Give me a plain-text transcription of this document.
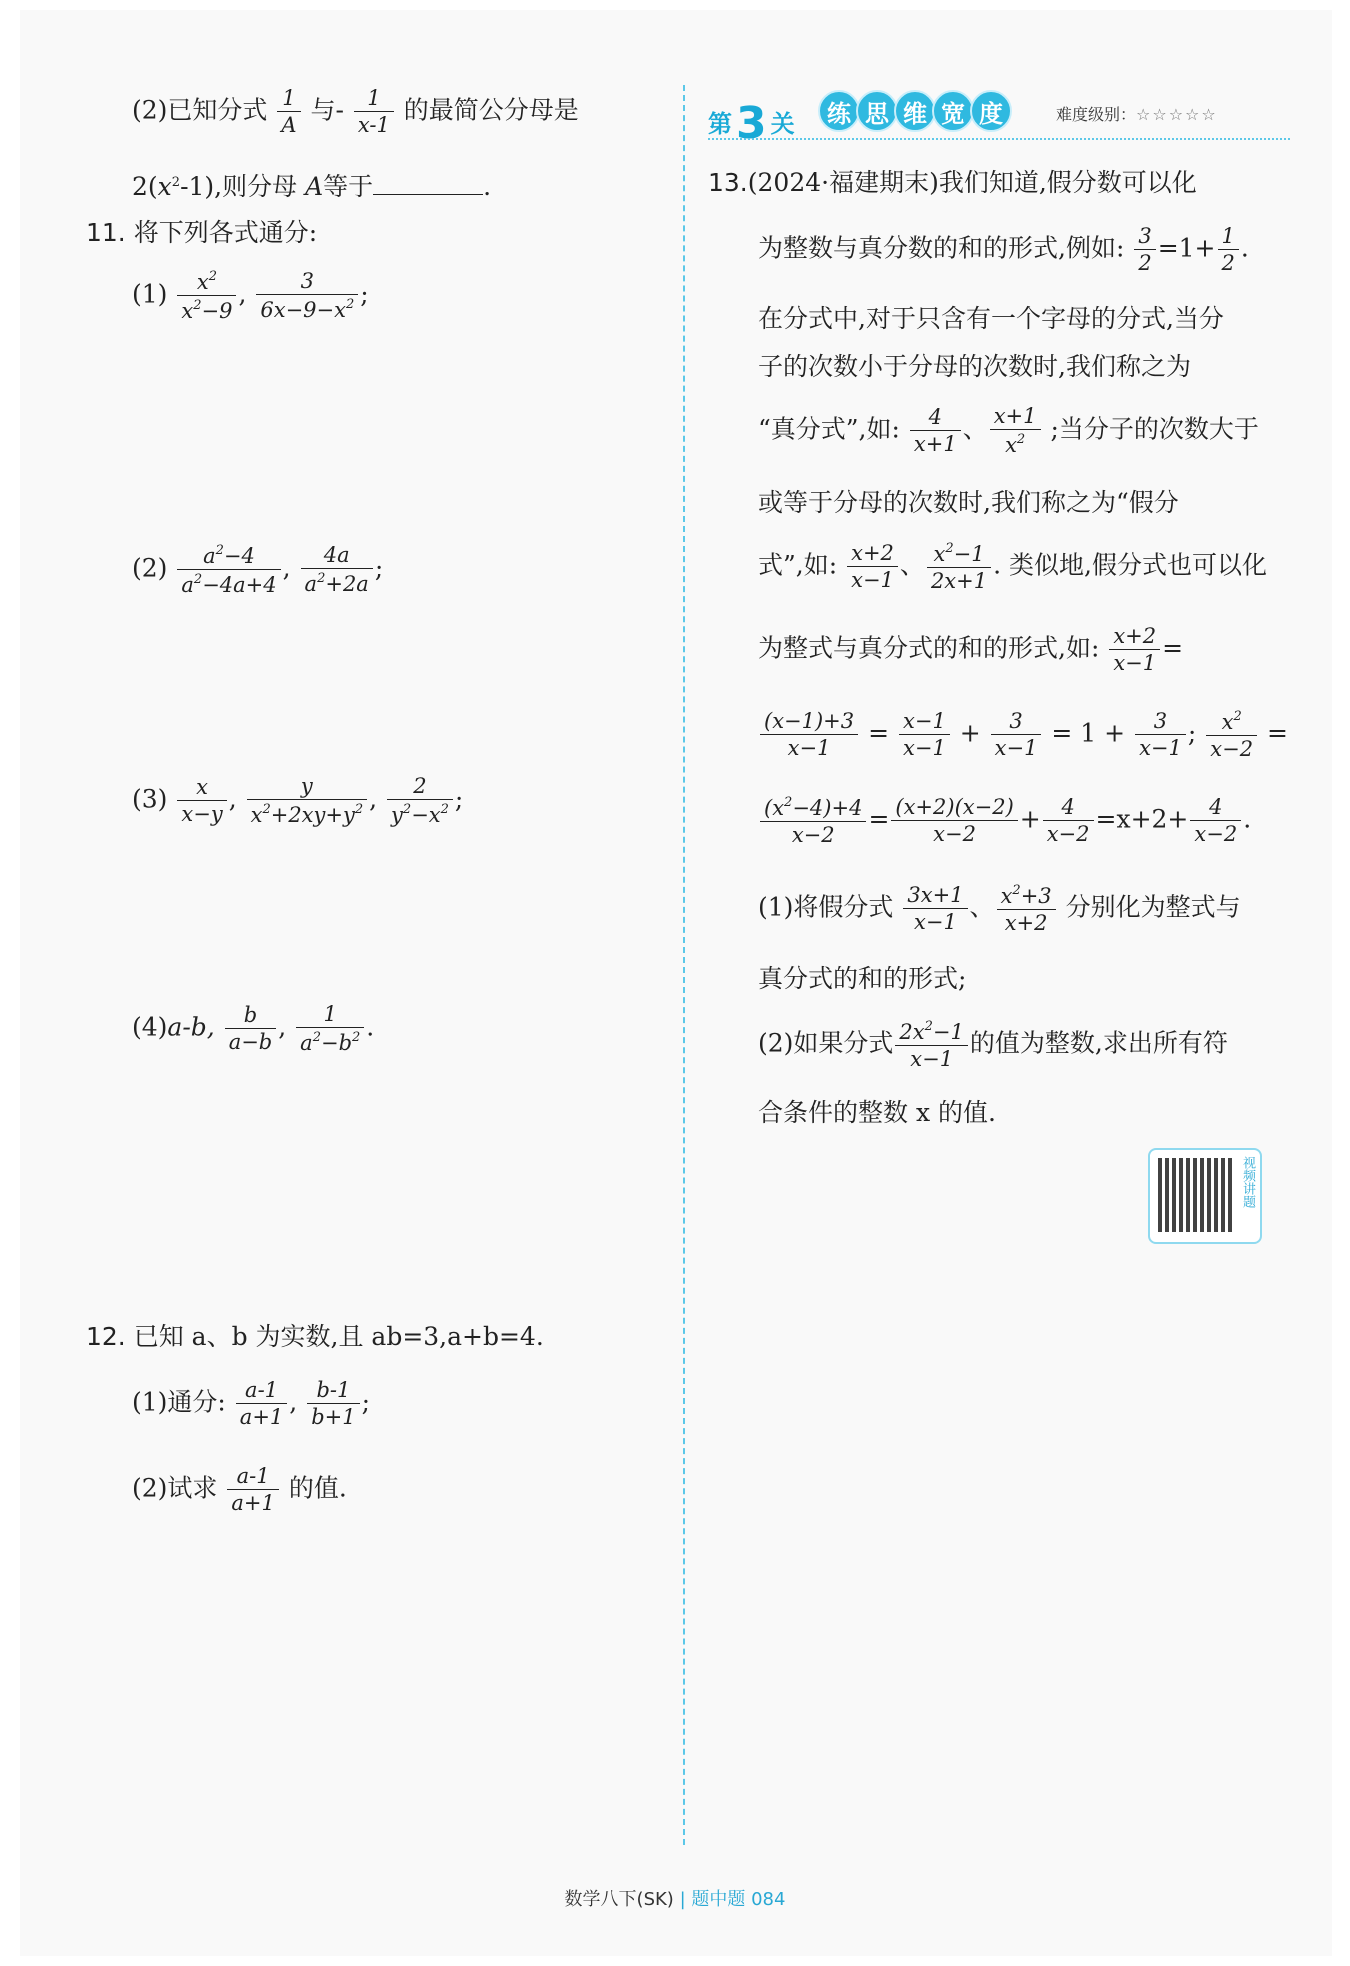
(2)已知分式 $\frac{1}{A}$ 与- $\frac{1}{x-1}$ 的最简公分母是
$2(x^2-1)$,则分母 A等于	.
11. 将下列各式通分:
$(1) \frac{x^2}{x^2-9}$ , $\frac{3}{6x-9-x^2}$ ;
$(2) \frac{a^2-4}{a^2-4a+4}$ , $\frac{4a}{a^2+2a}$ ;
$(3) \frac{x}{x-y}$ , $\frac{y}{x^2+2xy+y^2}$ , $\frac{2}{y^2-x^2}$ ;
(4)a-b, $\frac{b}{a-b}$ , $\frac{1}{a^2-b^2}$ .
12. 已知 a、b 为实数,且 ab=3,a+b=4.
(1)通分: $\frac{a-1}{a+1}$ , $\frac{b-1}{b+1}$ ;
(2)试求 $\frac{a-1}{a+1}$ 的值.
第3 关	练 思 维 宽 度	难度级别：☆☆☆☆☆
13.(2024·福建期末)我们知道,假分数可以化
为整数与真分数的和的形式,例如: $\frac{3}{2} =1+ \frac{1}{2}$ .
在分式中,对于只含有一个字母的分式,当分
子的次数小于分母的次数时,我们称之为
“真分式”,如: $\frac{4}{x+1}$ 、 $\frac{x+1}{x^2}$ ;当分子的次数大于
或等于分母的次数时,我们称之为“假分
式”,如: $\frac{x+2}{x-1}$ 、 $\frac{x^2-1}{2x+1}$ . 类似地,假分式也可以化
为整式与真分式的和的形式,如: $\frac{x+2}{x-1}$ =
$\frac{(x-1)+3}{x-1} = \frac{x-1}{x-1} + \frac{3}{x-1} = 1 + \frac{3}{x-1}$ ; $\frac{x^2}{x-2}$ =
$\frac{(x^2-4)+4}{x-2} = \frac{(x+2)(x-2)}{x-2} + \frac{4}{x-2} =x+2+ \frac{4}{x-2}$ .
(1)将假分式 $\frac{3x+1}{x-1}$ 、 $\frac{x^2+3}{x+2}$ 分别化为整式与
真分式的和的形式;
(2)如果分式 $\frac{2x^2-1}{x-1}$ 的值为整数,求出所有符
合条件的整数 x 的值.
视频讲题
数学八下(SK) | 题中题 084
